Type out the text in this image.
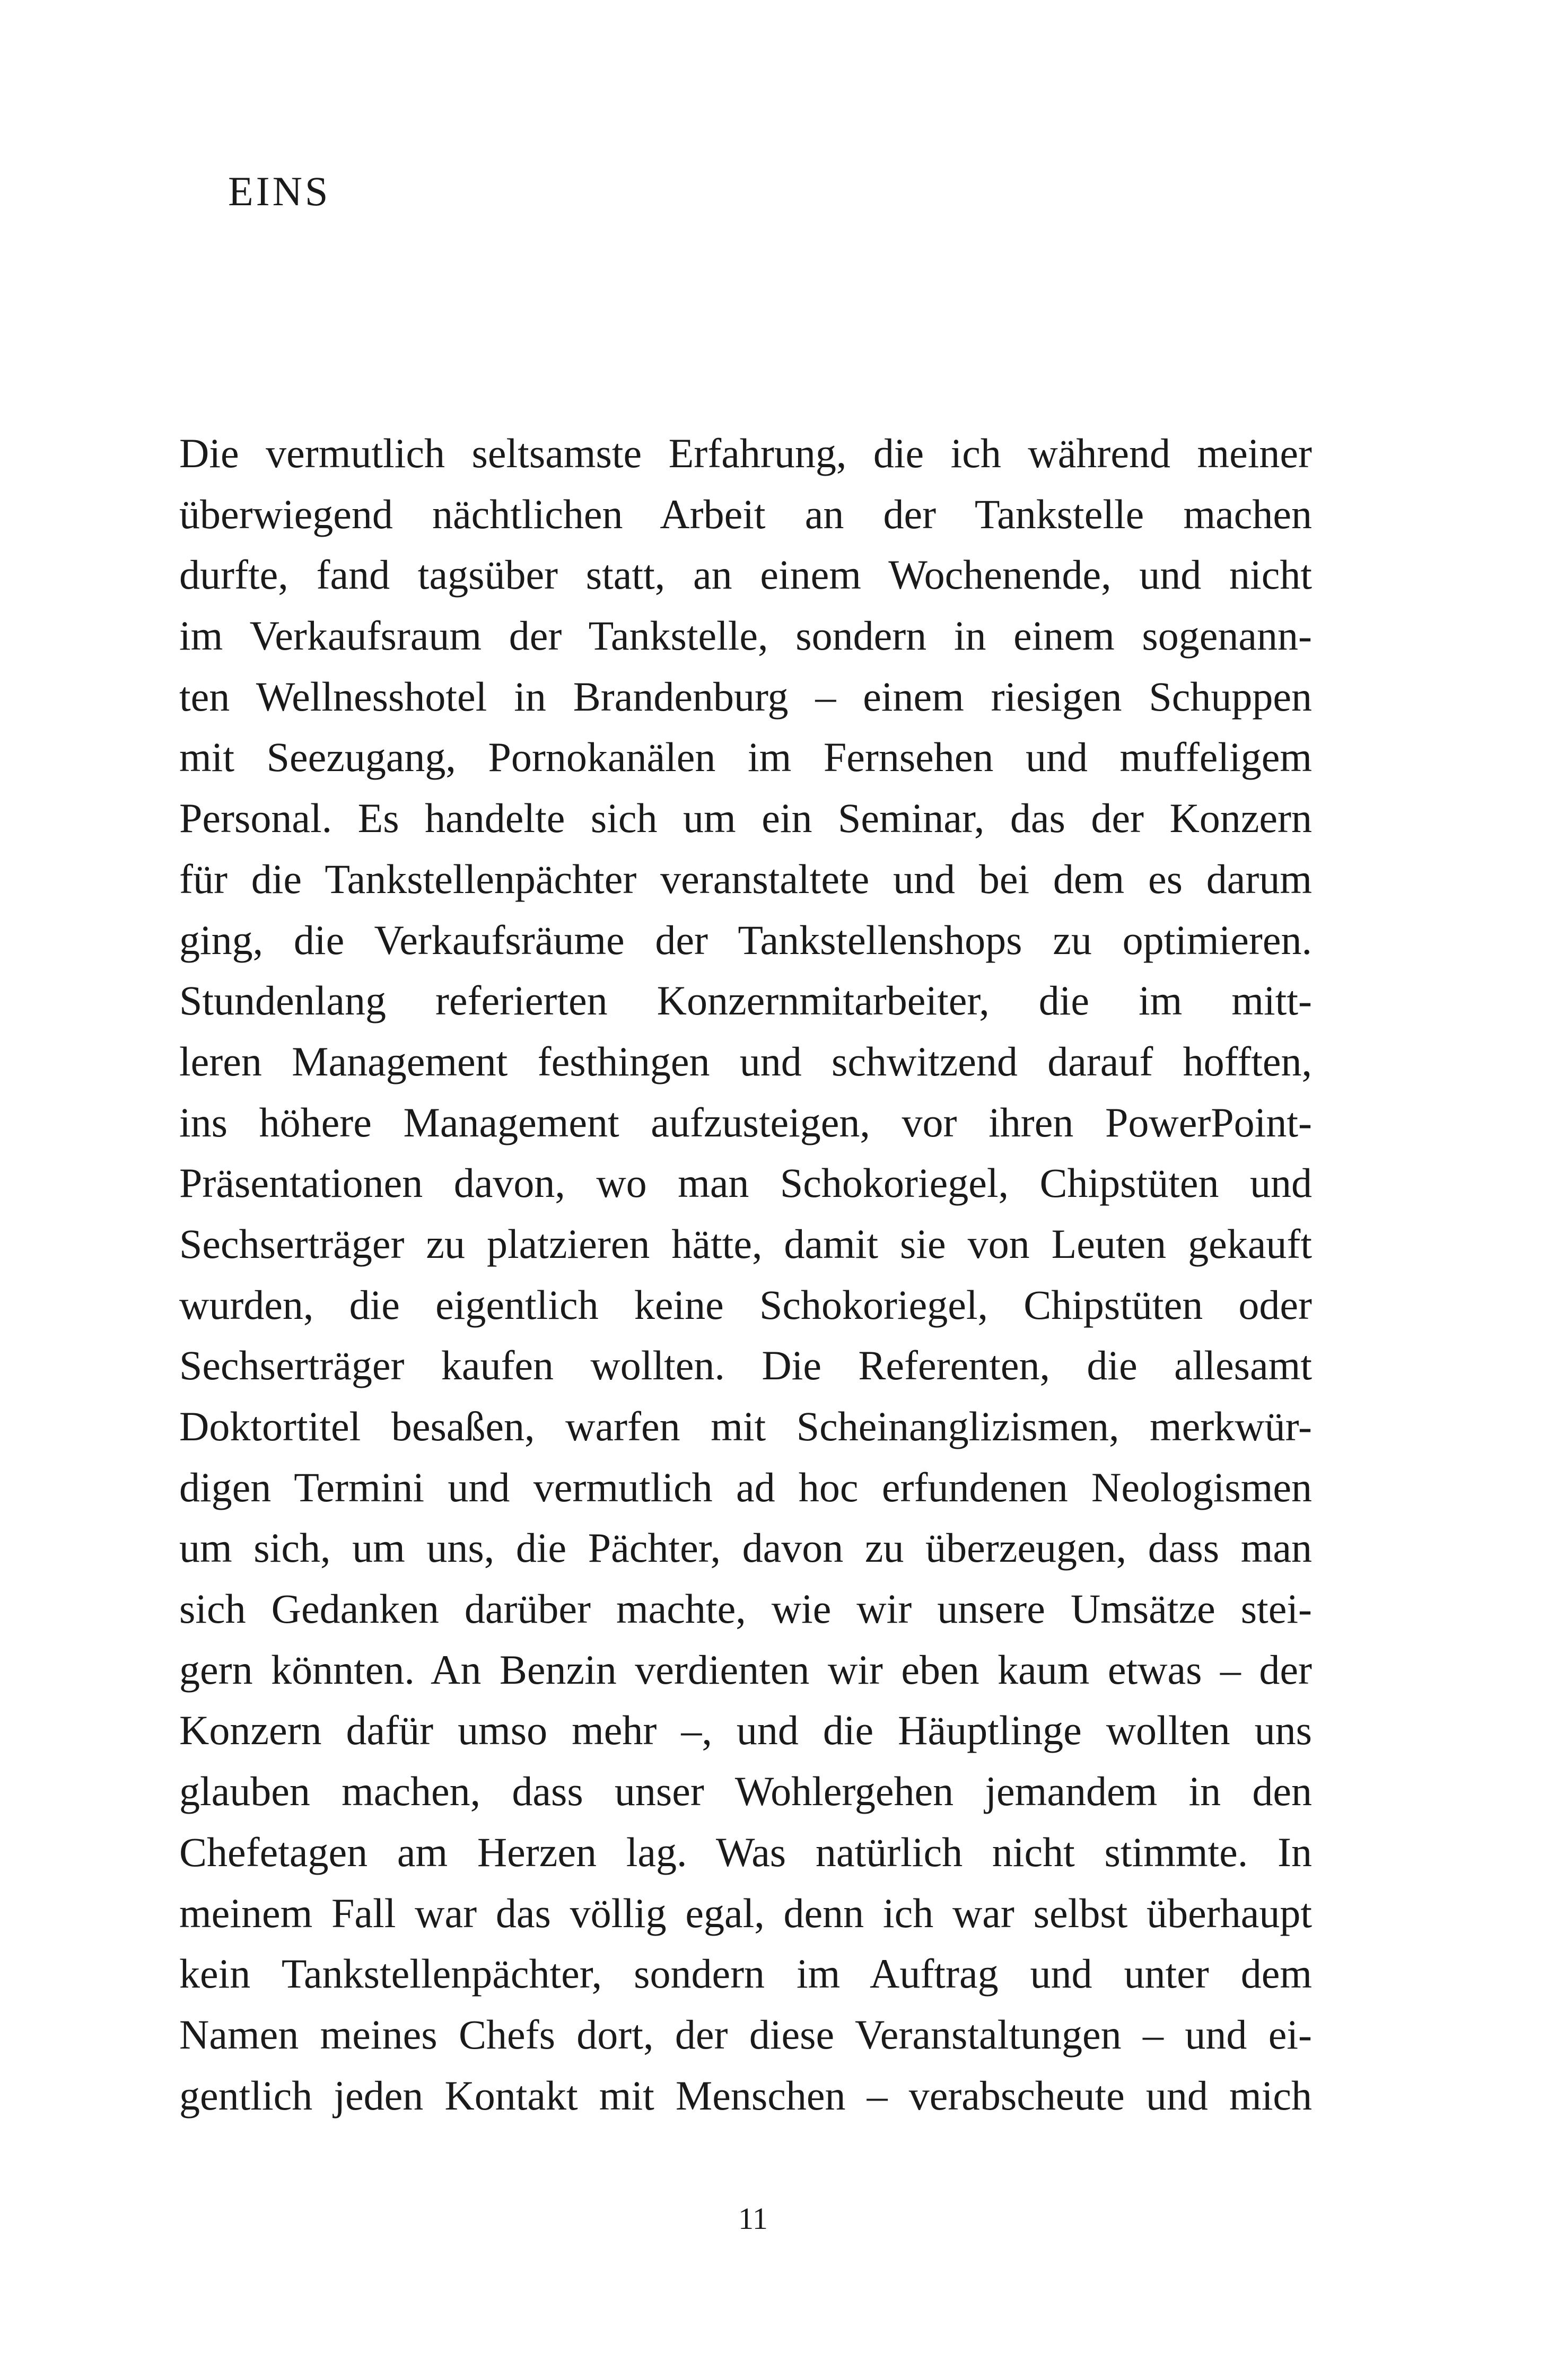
EINS
Die vermutlich seltsamste Erfahrung, die ich während meiner
überwiegend nächtlichen Arbeit an der Tankstelle machen
durfte, fand tagsüber statt, an einem Wochenende, und nicht
im Verkaufsraum der Tankstelle, sondern in einem sogenann-
ten Wellnesshotel in Brandenburg – einem riesigen Schuppen
mit Seezugang, Pornokanälen im Fernsehen und muffeligem
Personal. Es handelte sich um ein Seminar, das der Konzern
für die Tankstellenpächter veranstaltete und bei dem es darum
ging, die Verkaufsräume der Tankstellenshops zu optimieren.
Stundenlang referierten Konzernmitarbeiter, die im mitt-
leren Management festhingen und schwitzend darauf hofften,
ins höhere Management aufzusteigen, vor ihren PowerPoint-
Präsentationen davon, wo man Schokoriegel, Chipstüten und
Sechserträger zu platzieren hätte, damit sie von Leuten gekauft
wurden, die eigentlich keine Schokoriegel, Chipstüten oder
Sechserträger kaufen wollten. Die Referenten, die allesamt
Doktortitel besaßen, warfen mit Scheinanglizismen, merkwür-
digen Termini und vermutlich ad hoc erfundenen Neologismen
um sich, um uns, die Pächter, davon zu überzeugen, dass man
sich Gedanken darüber machte, wie wir unsere Umsätze stei-
gern könnten. An Benzin verdienten wir eben kaum etwas – der
Konzern dafür umso mehr –, und die Häuptlinge wollten uns
glauben machen, dass unser Wohlergehen jemandem in den
Chefetagen am Herzen lag. Was natürlich nicht stimmte. In
meinem Fall war das völlig egal, denn ich war selbst überhaupt
kein Tankstellenpächter, sondern im Auftrag und unter dem
Namen meines Chefs dort, der diese Veranstaltungen – und ei-
gentlich jeden Kontakt mit Menschen – verabscheute und mich
11
